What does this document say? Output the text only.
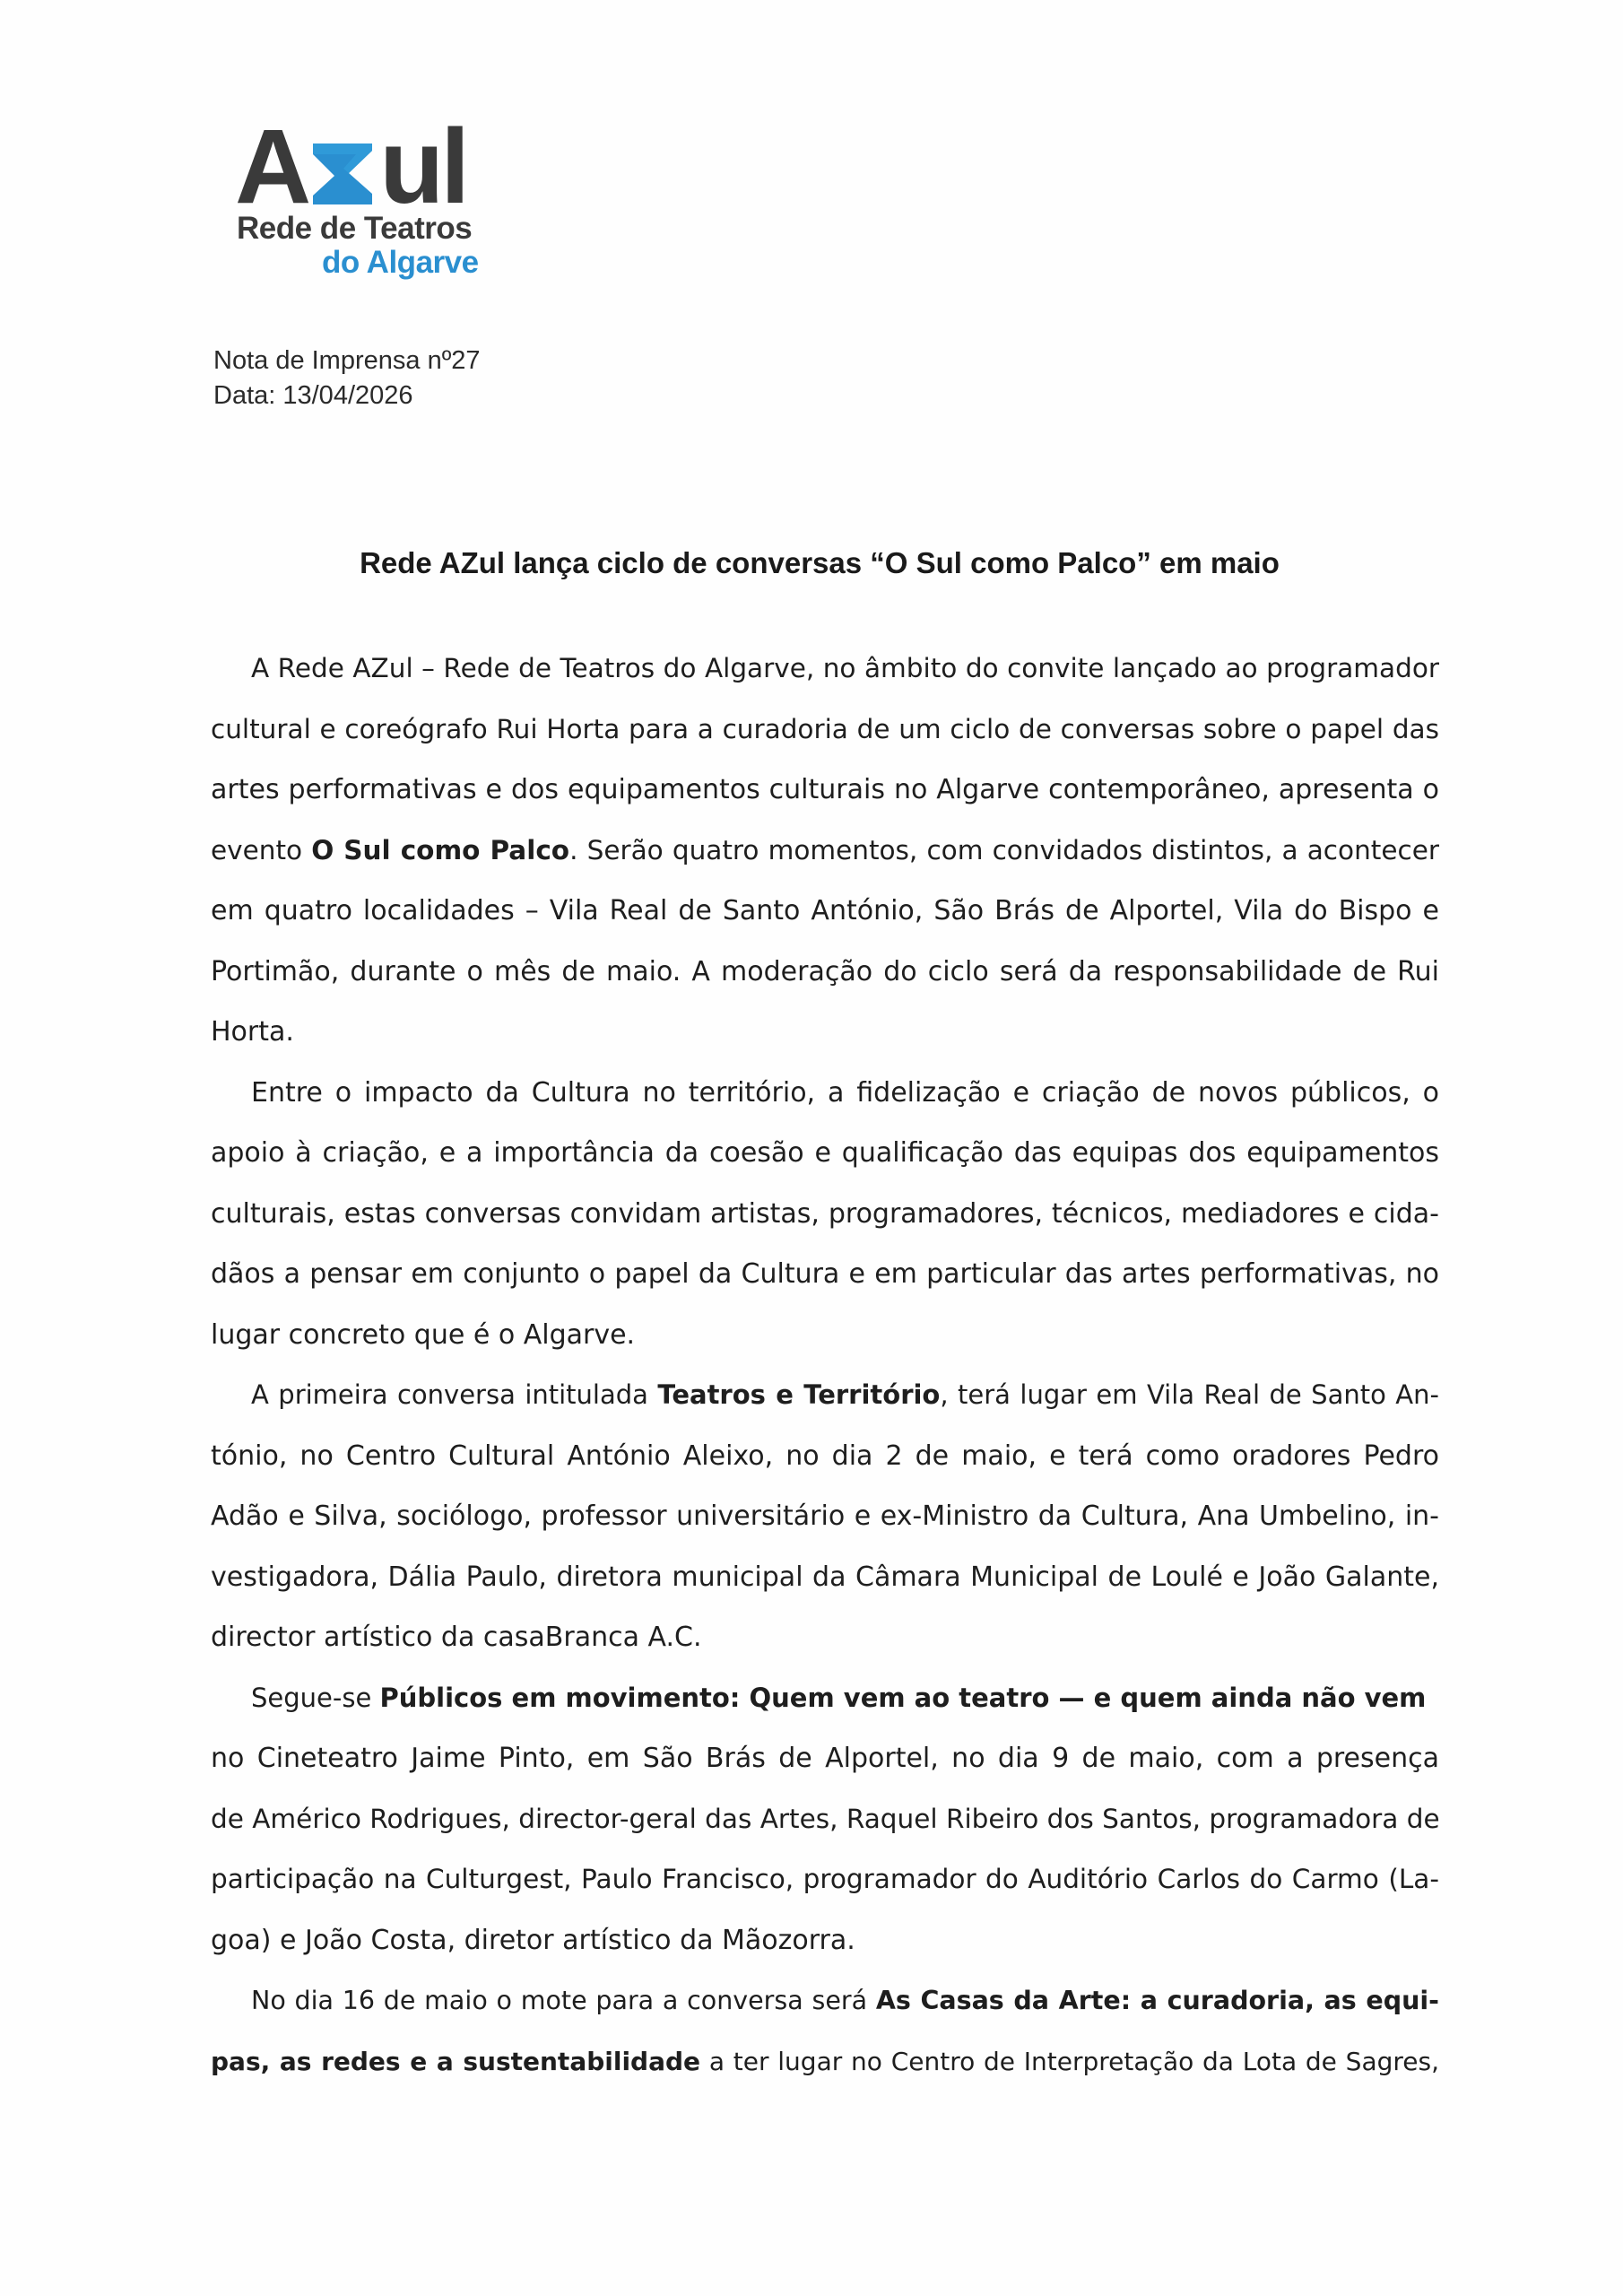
A ul
Rede de Teatros
do Algarve
Nota de Imprensa nº27
Data: 13/04/2026
Rede AZul lança ciclo de conversas “O Sul como Palco” em maio
A Rede AZul – Rede de Teatros do Algarve, no âmbito do convite lançado ao programador
cultural e coreógrafo Rui Horta para a curadoria de um ciclo de conversas sobre o papel das
artes performativas e dos equipamentos culturais no Algarve contemporâneo, apresenta o
evento O Sul como Palco. Serão quatro momentos, com convidados distintos, a acontecer
em quatro localidades – Vila Real de Santo António, São Brás de Alportel, Vila do Bispo e
Portimão, durante o mês de maio. A moderação do ciclo será da responsabilidade de Rui
Horta.
Entre o impacto da Cultura no território, a fidelização e criação de novos públicos, o
apoio à criação, e a importância da coesão e qualificação das equipas dos equipamentos
culturais, estas conversas convidam artistas, programadores, técnicos, mediadores e cida-
dãos a pensar em conjunto o papel da Cultura e em particular das artes performativas, no
lugar concreto que é o Algarve.
A primeira conversa intitulada Teatros e Território, terá lugar em Vila Real de Santo An-
tónio, no Centro Cultural António Aleixo, no dia 2 de maio, e terá como oradores Pedro
Adão e Silva, sociólogo, professor universitário e ex-Ministro da Cultura, Ana Umbelino, in-
vestigadora, Dália Paulo, diretora municipal da Câmara Municipal de Loulé e João Galante,
director artístico da casaBranca A.C.
Segue-se Públicos em movimento: Quem vem ao teatro — e quem ainda não vem
no Cineteatro Jaime Pinto, em São Brás de Alportel, no dia 9 de maio, com a presença
de Américo Rodrigues, director-geral das Artes, Raquel Ribeiro dos Santos, programadora de
participação na Culturgest, Paulo Francisco, programador do Auditório Carlos do Carmo (La-
goa) e João Costa, diretor artístico da Mãozorra.
No dia 16 de maio o mote para a conversa será As Casas da Arte: a curadoria, as equi-
pas, as redes e a sustentabilidade a ter lugar no Centro de Interpretação da Lota de Sagres,
